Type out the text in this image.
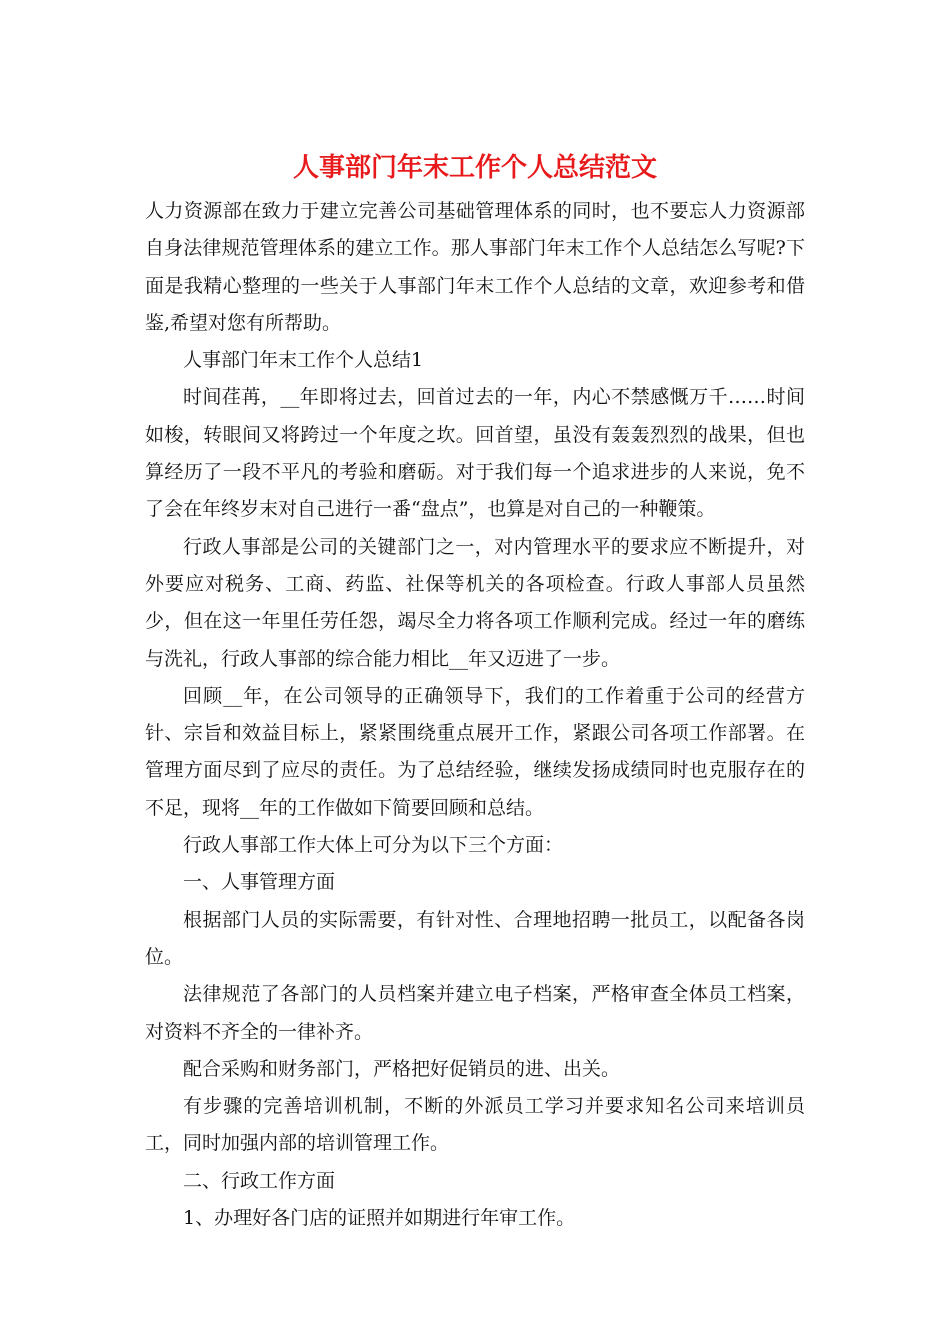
人事部门年末工作个人总结范文

人力资源部在致力于建立完善公司基础管理体系的同时，也不要忘人力资源部自身法律规范管理体系的建立工作。那人事部门年末工作个人总结怎么写呢?下面是我精心整理的一些关于人事部门年末工作个人总结的文章，欢迎参考和借鉴,希望对您有所帮助。

人事部门年末工作个人总结1

时间荏苒，__年即将过去，回首过去的一年，内心不禁感慨万千……时间如梭，转眼间又将跨过一个年度之坎。回首望，虽没有轰轰烈烈的战果，但也算经历了一段不平凡的考验和磨砺。对于我们每一个追求进步的人来说，免不了会在年终岁末对自己进行一番“盘点”，也算是对自己的一种鞭策。

行政人事部是公司的关键部门之一，对内管理水平的要求应不断提升，对外要应对税务、工商、药监、社保等机关的各项检查。行政人事部人员虽然少，但在这一年里任劳任怨，竭尽全力将各项工作顺利完成。经过一年的磨练与洗礼，行政人事部的综合能力相比__年又迈进了一步。

回顾__年，在公司领导的正确领导下，我们的工作着重于公司的经营方针、宗旨和效益目标上，紧紧围绕重点展开工作，紧跟公司各项工作部署。在管理方面尽到了应尽的责任。为了总结经验，继续发扬成绩同时也克服存在的不足，现将__年的工作做如下简要回顾和总结。

行政人事部工作大体上可分为以下三个方面：

一、人事管理方面

根据部门人员的实际需要，有针对性、合理地招聘一批员工，以配备各岗位。

法律规范了各部门的人员档案并建立电子档案，严格审查全体员工档案，对资料不齐全的一律补齐。

配合采购和财务部门，严格把好促销员的进、出关。

有步骤的完善培训机制，不断的外派员工学习并要求知名公司来培训员工，同时加强内部的培训管理工作。

二、行政工作方面

1、办理好各门店的证照并如期进行年审工作。
